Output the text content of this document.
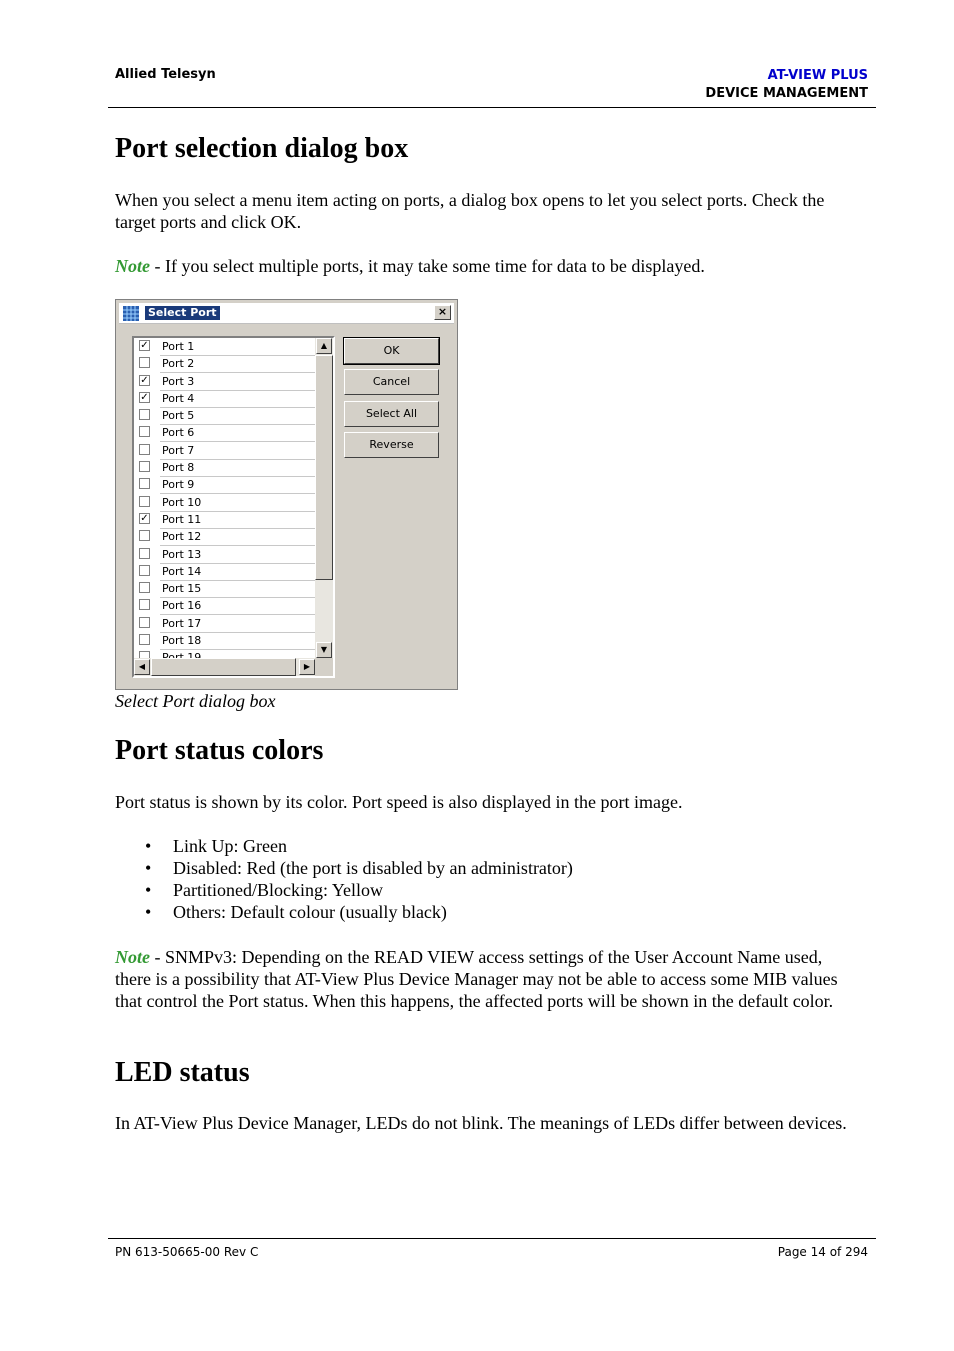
Allied Telesyn	AT-VIEW PLUS
DEVICE MANAGEMENT
Port selection dialog box

When you select a menu item acting on ports, a dialog box opens to let you select ports. Check the target ports and click OK.

Note - If you select multiple ports, it may take some time for data to be displayed.

Select Port	×
✓ Port 1
Port 2
✓ Port 3
✓ Port 4
Port 5
Port 6
Port 7
Port 8
Port 9
Port 10
✓ Port 11
Port 12
Port 13
Port 14
Port 15
Port 16
Port 17
Port 18
▲
▼
◀	▶
OK
Cancel
Select All
Reverse
Select Port dialog box
Port status colors

Port status is shown by its color. Port speed is also displayed in the port image.

• Link Up: Green
• Disabled: Red (the port is disabled by an administrator)
• Partitioned/Blocking: Yellow
• Others: Default colour (usually black)

Note - SNMPv3: Depending on the READ VIEW access settings of the User Account Name used, there is a possibility that AT-View Plus Device Manager may not be able to access some MIB values that control the Port status. When this happens, the affected ports will be shown in the default color.

LED status

In AT-View Plus Device Manager, LEDs do not blink. The meanings of LEDs differ between devices.

PN 613-50665-00 Rev C	Page 14 of 294
